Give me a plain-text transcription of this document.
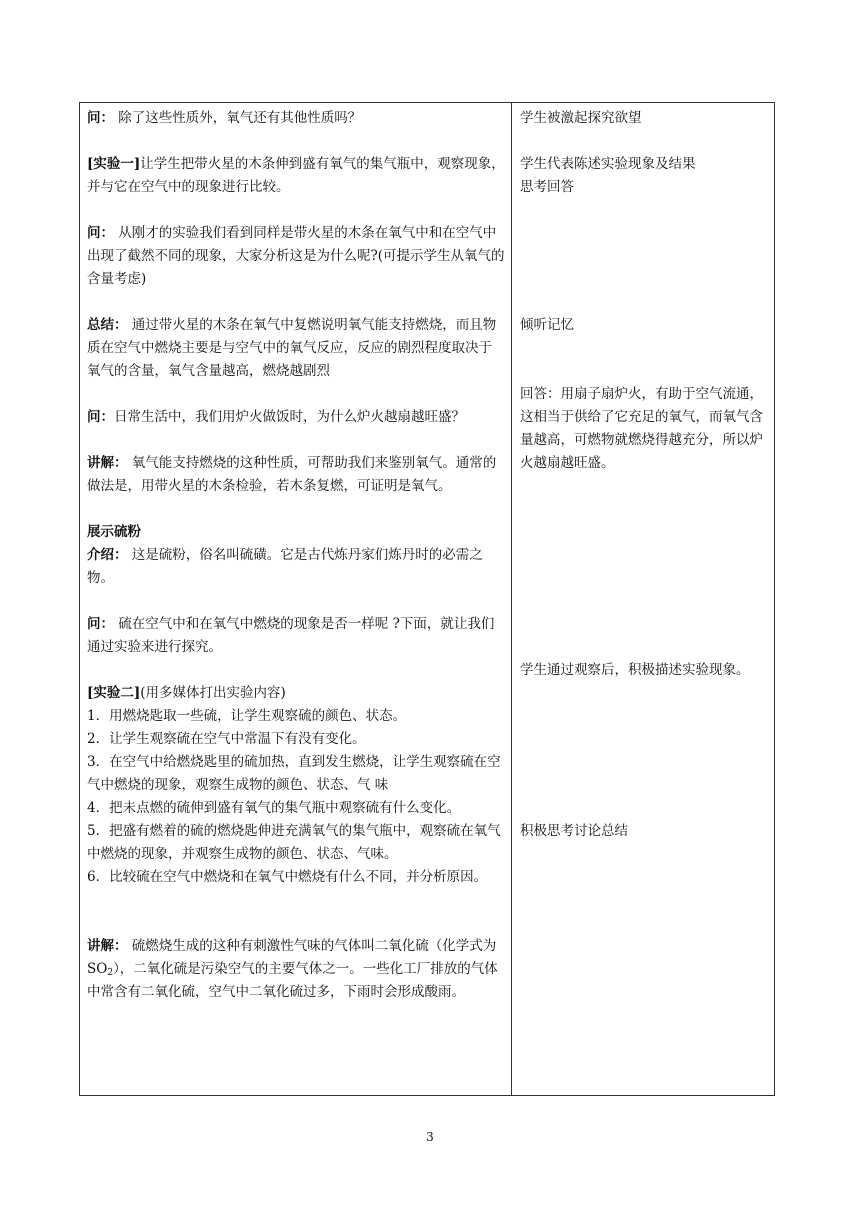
问： 除了这些性质外，氧气还有其他性质吗？
[实验一]让学生把带火星的木条伸到盛有氧气的集气瓶中，观察现象，并与它在空气中的现象进行比较。
问： 从刚才的实验我们看到同样是带火星的木条在氧气中和在空气中出现了截然不同的现象，大家分析这是为什么呢?(可提示学生从氧气的含量考虑)
总结： 通过带火星的木条在氧气中复燃说明氧气能支持燃烧，而且物质在空气中燃烧主要是与空气中的氧气反应，反应的剧烈程度取决于氧气的含量，氧气含量越高，燃烧越剧烈
问：日常生活中，我们用炉火做饭时，为什么炉火越扇越旺盛？
讲解： 氧气能支持燃烧的这种性质，可帮助我们来鉴别氧气。通常的做法是，用带火星的木条检验，若木条复燃，可证明是氧气。
展示硫粉
介绍： 这是硫粉，俗名叫硫磺。它是古代炼丹家们炼丹时的必需之物。
问： 硫在空气中和在氧气中燃烧的现象是否一样呢 ?下面，就让我们通过实验来进行探究。
[实验二](用多媒体打出实验内容)
1．用燃烧匙取一些硫，让学生观察硫的颜色、状态。
2．让学生观察硫在空气中常温下有没有变化。
3．在空气中给燃烧匙里的硫加热，直到发生燃烧，让学生观察硫在空气中燃烧的现象，观察生成物的颜色、状态、气 味
4．把未点燃的硫伸到盛有氧气的集气瓶中观察硫有什么变化。
5．把盛有燃着的硫的燃烧匙伸进充满氧气的集气瓶中，观察硫在氧气中燃烧的现象，并观察生成物的颜色、状态、气味。
6．比较硫在空气中燃烧和在氧气中燃烧有什么不同，并分析原因。
讲解： 硫燃烧生成的这种有刺激性气味的气体叫二氧化硫（化学式为 $SO_2$），二氧化硫是污染空气的主要气体之一。一些化工厂排放的气体中常含有二氧化硫，空气中二氧化硫过多，下雨时会形成酸雨。
学生被激起探究欲望
学生代表陈述实验现象及结果
思考回答
倾听记忆
回答：用扇子扇炉火，有助于空气流通，这相当于供给了它充足的氧气，而氧气含量越高，可燃物就燃烧得越充分，所以炉火越扇越旺盛。
学生通过观察后，积极描述实验现象。
积极思考讨论总结
3
